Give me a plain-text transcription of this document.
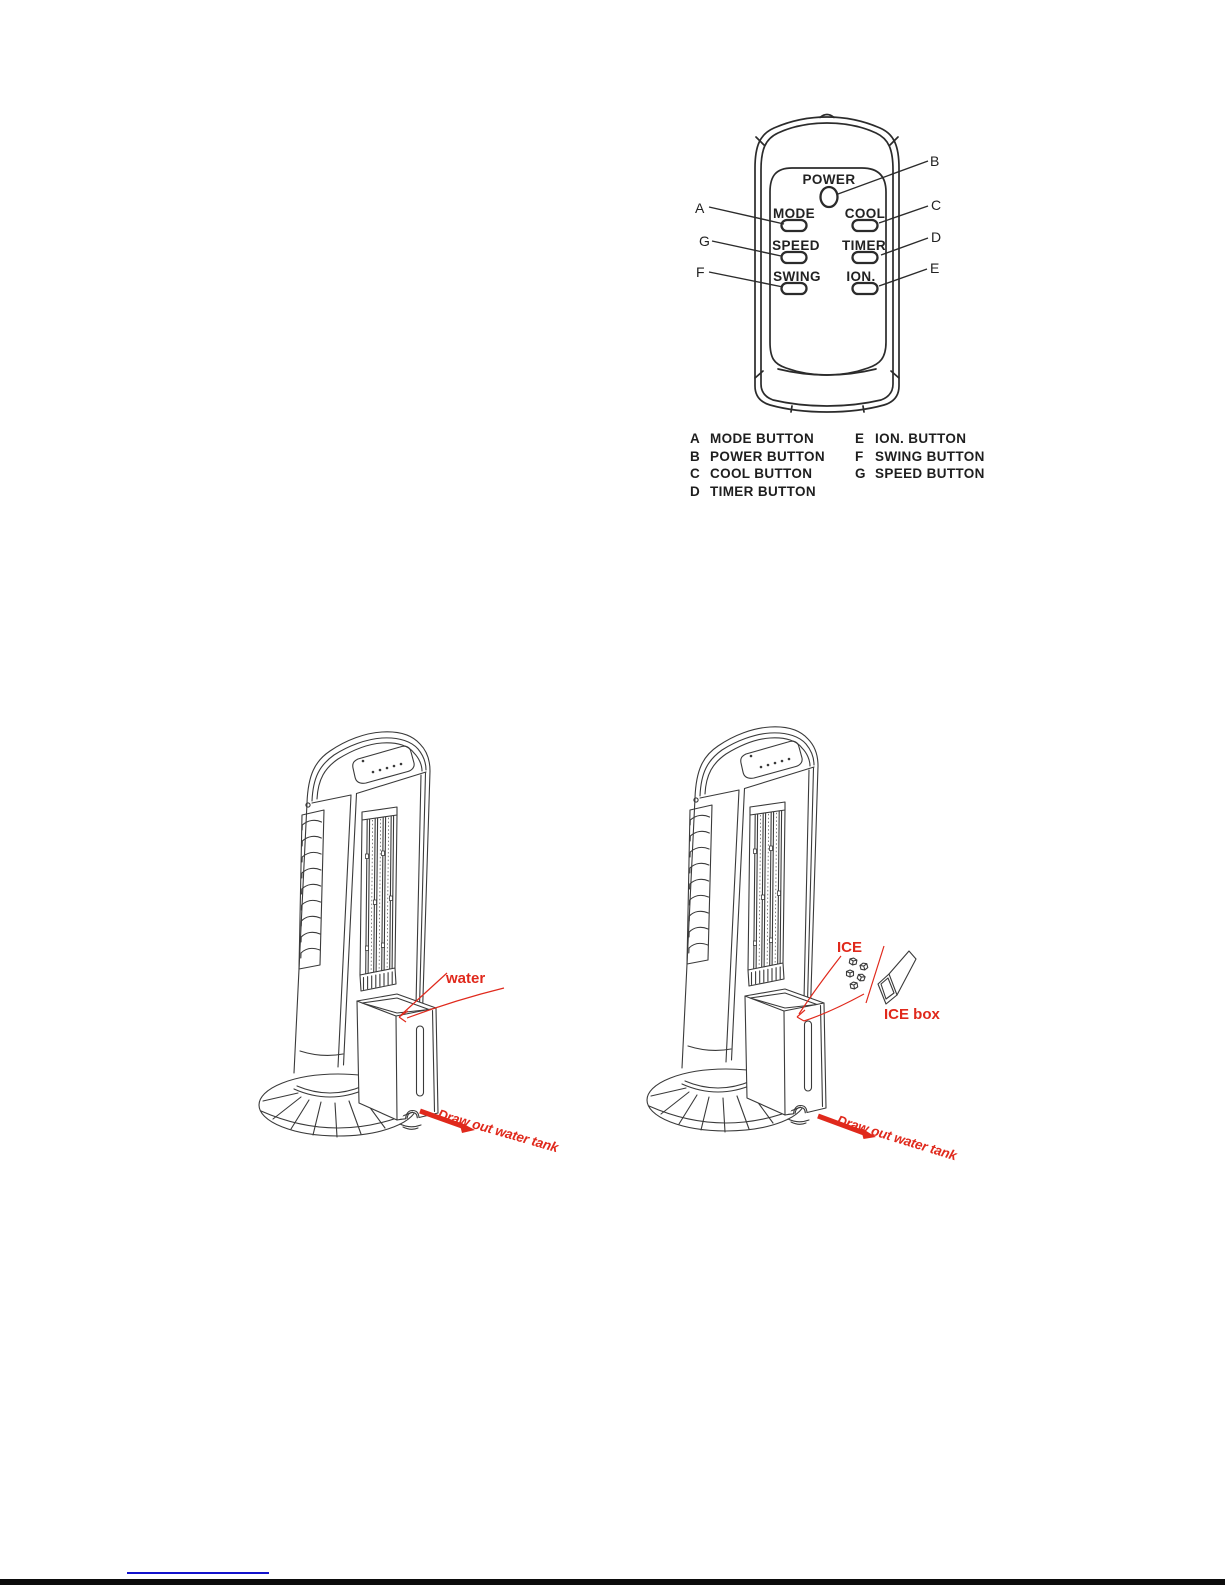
POWER
MODE COOL
SPEED TIMER
SWING ION.
A
B
C
G	D
F	E
water
Draw out water tank
ICE
ICE box
Draw out water tank
A MODE BUTTON
B POWER BUTTON
C COOL BUTTON
D TIMER BUTTON
E ION. BUTTON
F SWING BUTTON
G SPEED BUTTON
